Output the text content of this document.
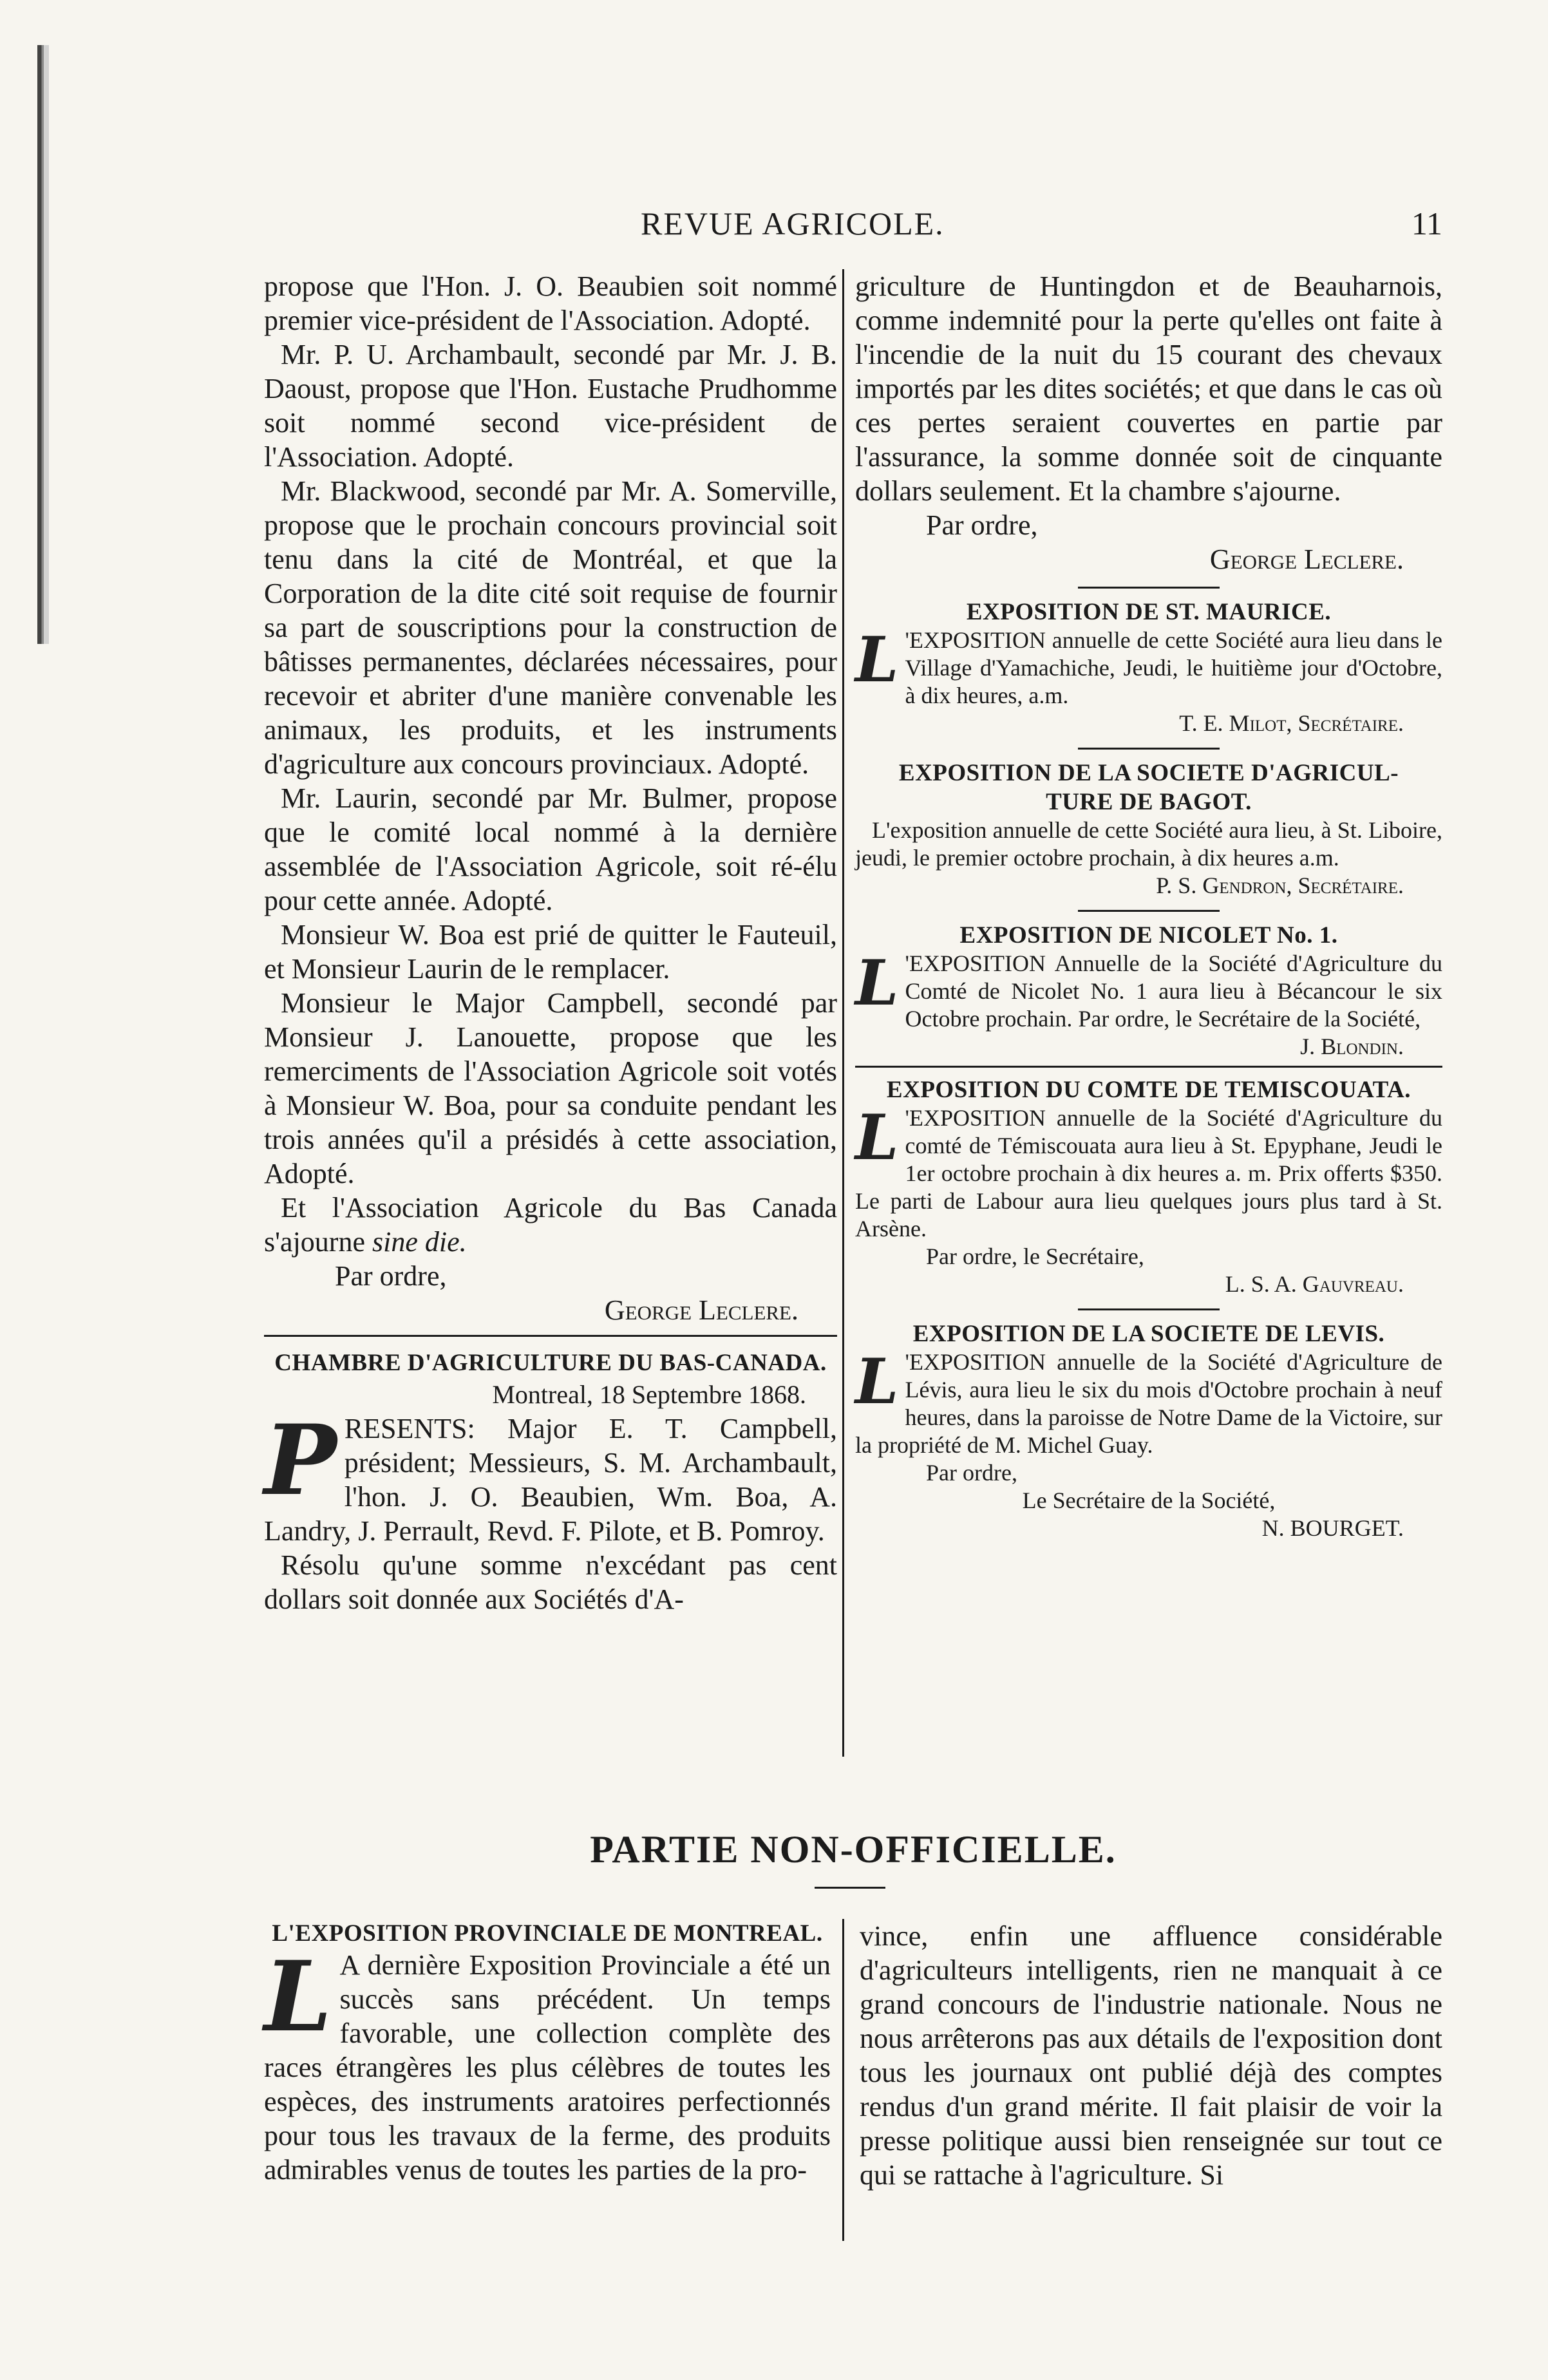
REVUE AGRICOLE.	11

propose que l'Hon. J. O. Beaubien soit nommé premier vice-président de l'Association. Adopté.

Mr. P. U. Archambault, secondé par Mr. J. B. Daoust, propose que l'Hon. Eustache Prudhomme soit nommé second vice-président de l'Association. Adopté.

Mr. Blackwood, secondé par Mr. A. Somerville, propose que le prochain concours provincial soit tenu dans la cité de Montréal, et que la Corporation de la dite cité soit requise de fournir sa part de souscriptions pour la construction de bâtisses permanentes, déclarées nécessaires, pour recevoir et abriter d'une manière convenable les animaux, les produits, et les instruments d'agriculture aux concours provinciaux. Adopté.

Mr. Laurin, secondé par Mr. Bulmer, propose que le comité local nommé à la dernière assemblée de l'Association Agricole, soit ré-élu pour cette année. Adopté.

Monsieur W. Boa est prié de quitter le Fauteuil, et Monsieur Laurin de le remplacer.

Monsieur le Major Campbell, secondé par Monsieur J. Lanouette, propose que les remerciments de l'Association Agricole soit votés à Monsieur W. Boa, pour sa conduite pendant les trois années qu'il a présidés à cette association, Adopté.

Et l'Association Agricole du Bas Canada s'ajourne sine die.

Par ordre,

George Leclere.
CHAMBRE D'AGRICULTURE DU BAS-CANADA.
Montreal, 18 Septembre 1868.

PRESENTS: Major E. T. Campbell, président; Messieurs, S. M. Archambault, l'hon. J. O. Beaubien, Wm. Boa, A. Landry, J. Perrault, Revd. F. Pilote, et B. Pomroy.

Résolu qu'une somme n'excédant pas cent dollars soit donnée aux Sociétés d'A-

griculture de Huntingdon et de Beauharnois, comme indemnité pour la perte qu'elles ont faite à l'incendie de la nuit du 15 courant des chevaux importés par les dites sociétés; et que dans le cas où ces pertes seraient couvertes en partie par l'assurance, la somme donnée soit de cinquante dollars seulement. Et la chambre s'ajourne.

Par ordre,

George Leclere.
EXPOSITION DE ST. MAURICE.

L 'EXPOSITION annuelle de cette Société aura lieu dans le Village d'Yamachiche, Jeudi, le huitième jour d'Octobre, à dix heures, a.m.

T. E. Milot, Secrétaire.
EXPOSITION DE LA SOCIETE D'AGRICUL-
TURE DE BAGOT.

L'exposition annuelle de cette Société aura lieu, à St. Liboire, jeudi, le premier octobre prochain, à dix heures a.m.

P. S. Gendron, Secrétaire.
EXPOSITION DE NICOLET No. 1.

L 'EXPOSITION Annuelle de la Société d'Agriculture du Comté de Nicolet No. 1 aura lieu à Bécancour le six Octobre prochain. Par ordre, le Secrétaire de la Société,

J. Blondin.
EXPOSITION DU COMTE DE TEMISCOUATA.

L 'EXPOSITION annuelle de la Société d'Agriculture du comté de Témiscouata aura lieu à St. Epyphane, Jeudi le 1er octobre prochain à dix heures a. m. Prix offerts $350. Le parti de Labour aura lieu quelques jours plus tard à St. Arsène.

Par ordre, le Secrétaire,

L. S. A. Gauvreau.
EXPOSITION DE LA SOCIETE DE LEVIS.

L 'EXPOSITION annuelle de la Société d'Agriculture de Lévis, aura lieu le six du mois d'Octobre prochain à neuf heures, dans la paroisse de Notre Dame de la Victoire, sur la propriété de M. Michel Guay.

Par ordre,

Le Secrétaire de la Société,
N. BOURGET.
PARTIE NON-OFFICIELLE.
L'EXPOSITION PROVINCIALE DE MONTREAL.

L A dernière Exposition Provinciale a été un succès sans précédent. Un temps favorable, une collection complète des races étrangères les plus célèbres de toutes les espèces, des instruments aratoires perfectionnés pour tous les travaux de la ferme, des produits admirables venus de toutes les parties de la pro-

vince, enfin une affluence considérable d'agriculteurs intelligents, rien ne manquait à ce grand concours de l'industrie nationale. Nous ne nous arrêterons pas aux détails de l'exposition dont tous les journaux ont publié déjà des comptes rendus d'un grand mérite. Il fait plaisir de voir la presse politique aussi bien renseignée sur tout ce qui se rattache à l'agriculture. Si
